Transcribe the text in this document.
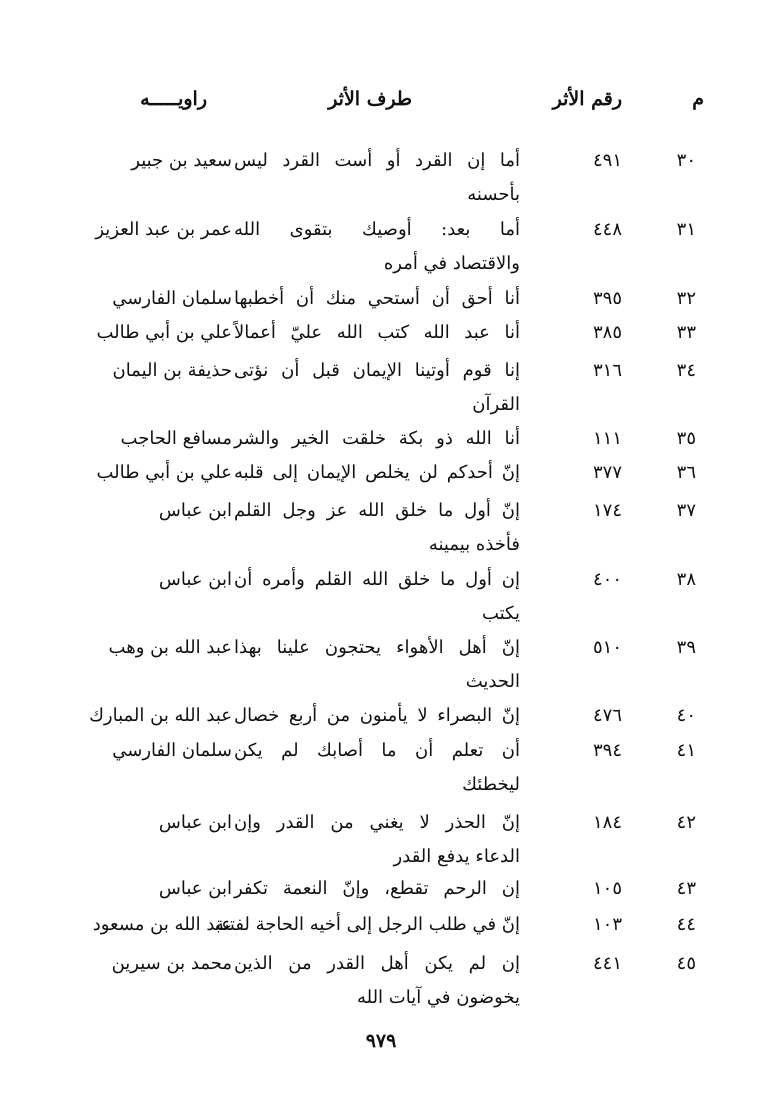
م
رقم الأثر
طرف الأثر
راويـــــه
٣٠
٤٩١
أما إن القرد أو أست القرد ليس
بأحسنه
سعيد بن جبير
٣١
٤٤٨
أما بعد: أوصيك بتقوى الله
والاقتصاد في أمره
عمر بن عبد العزيز
٣٢
٣٩٥
أنا أحق أن أستحي منك أن أخطبها
سلمان الفارسي
٣٣
٣٨٥
أنا عبد الله كتب الله عليّ أعمالاً
علي بن أبي طالب
٣٤
٣١٦
إنا قوم أوتينا الإيمان قبل أن نؤتى
القرآن
حذيفة بن اليمان
٣٥
١١١
أنا الله ذو بكة خلقت الخير والشر
مسافع الحاجب
٣٦
٣٧٧
إنّ أحدكم لن يخلص الإيمان إلى قلبه
علي بن أبي طالب
٣٧
١٧٤
إنّ أول ما خلق الله عز وجل القلم
فأخذه بيمينه
ابن عباس
٣٨
٤٠٠
إن أول ما خلق الله القلم وأمره أن
يكتب
ابن عباس
٣٩
٥١٠
إنّ أهل الأهواء يحتجون علينا بهذا
الحديث
عبد الله بن وهب
٤٠
٤٧٦
إنّ البصراء لا يأمنون من أربع خصال
عبد الله بن المبارك
٤١
٣٩٤
أن تعلم أن ما أصابك لم يكن
ليخطئك
سلمان الفارسي
٤٢
١٨٤
إنّ الحذر لا يغني من القدر وإن
الدعاء يدفع القدر
ابن عباس
٤٣
١٠٥
إن الرحم تقطع، وإنّ النعمة تكفر
ابن عباس
٤٤
١٠٣
إنّ في طلب الرجل إلى أخيه الحاجة لفتنة
عبد الله بن مسعود
٤٥
٤٤١
إن لم يكن أهل القدر من الذين
يخوضون في آيات الله
محمد بن سيرين
٩٧٩
